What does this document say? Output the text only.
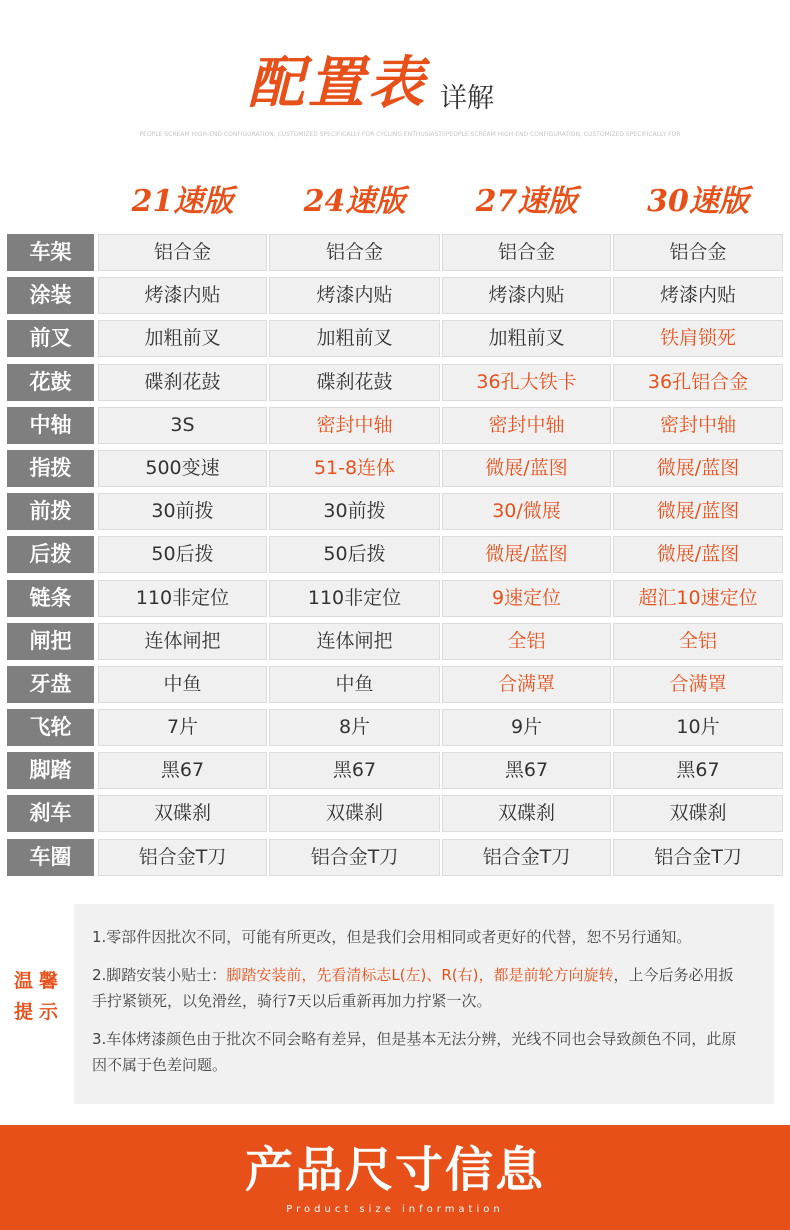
配置表 详解
PEOPLE SCREAM HIGH-END CONFIGURATION, CUSTOMIZED SPECIFICALLY FOR CYCLING ENTHUSIASTSPEOPLE SCREAM HIGH-END CONFIGURATION, CUSTOMIZED SPECIFICALLY FOR
21速版	24速版	27速版	30速版
车架	铝合金	铝合金	铝合金	铝合金
涂装	烤漆内贴	烤漆内贴	烤漆内贴	烤漆内贴
前叉	加粗前叉	加粗前叉	加粗前叉	铁肩锁死
花鼓	碟刹花鼓	碟刹花鼓	36孔大铁卡	36孔铝合金
中轴	3S	密封中轴	密封中轴	密封中轴
指拨	500变速	51-8连体	微展/蓝图	微展/蓝图
前拨	30前拨	30前拨	30/微展	微展/蓝图
后拨	50后拨	50后拨	微展/蓝图	微展/蓝图
链条	110非定位	110非定位	9速定位	超汇10速定位
闸把	连体闸把	连体闸把	全铝	全铝
牙盘	中鱼	中鱼	合满罩	合满罩
飞轮	7片	8片	9片	10片
脚踏	黑67	黑67	黑67	黑67
刹车	双碟刹	双碟刹	双碟刹	双碟刹
车圈	铝合金T刀	铝合金T刀	铝合金T刀	铝合金T刀
温馨提示

1.零部件因批次不同，可能有所更改，但是我们会用相同或者更好的代替，恕不另行通知。

2.脚踏安装小贴士：脚踏安装前，先看清标志L(左)、R(右)，都是前轮方向旋转，上今后务必用扳手拧紧锁死，以免滑丝，骑行7天以后重新再加力拧紧一次。

3.车体烤漆颜色由于批次不同会略有差异，但是基本无法分辨，光线不同也会导致颜色不同，此原因不属于色差问题。

产品尺寸信息
Product size information
